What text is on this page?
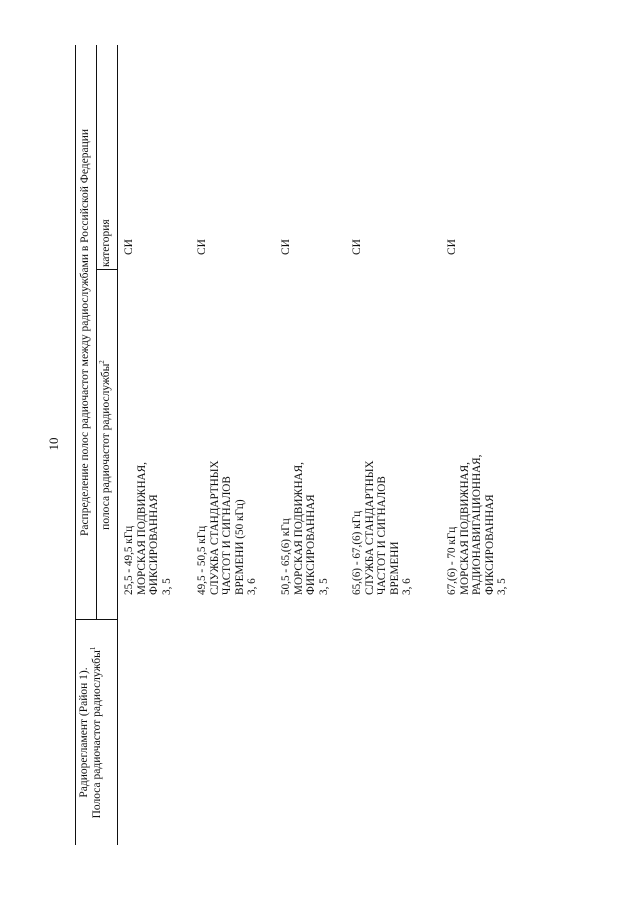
10
Радиорегламент (Район 1). Полоса радиочастот радиослужбы$^1$
Распределение полос радиочастот между радиослужбами в Российской Федерации полоса радиочастот радиослужбы$^2$
категория
25,5 - 49,5 кГц МОРСКАЯ ПОДВИЖНАЯ, ФИКСИРОВАННАЯ 3, 5
СИ
49,5 - 50,5 кГц СЛУЖБА СТАНДАРТНЫХ ЧАСТОТ И СИГНАЛОВ ВРЕМЕНИ (50 кГц) 3, 6
СИ
50,5 - 65,(6) кГц МОРСКАЯ ПОДВИЖНАЯ, ФИКСИРОВАННАЯ 3, 5
СИ
65,(6) - 67,(6) кГц СЛУЖБА СТАНДАРТНЫХ ЧАСТОТ И СИГНАЛОВ ВРЕМЕНИ 3, 6
СИ
67,(6) - 70 кГц МОРСКАЯ ПОДВИЖНАЯ, РАДИОНАВИГАЦИОННАЯ, ФИКСИРОВАННАЯ 3, 5
СИ
